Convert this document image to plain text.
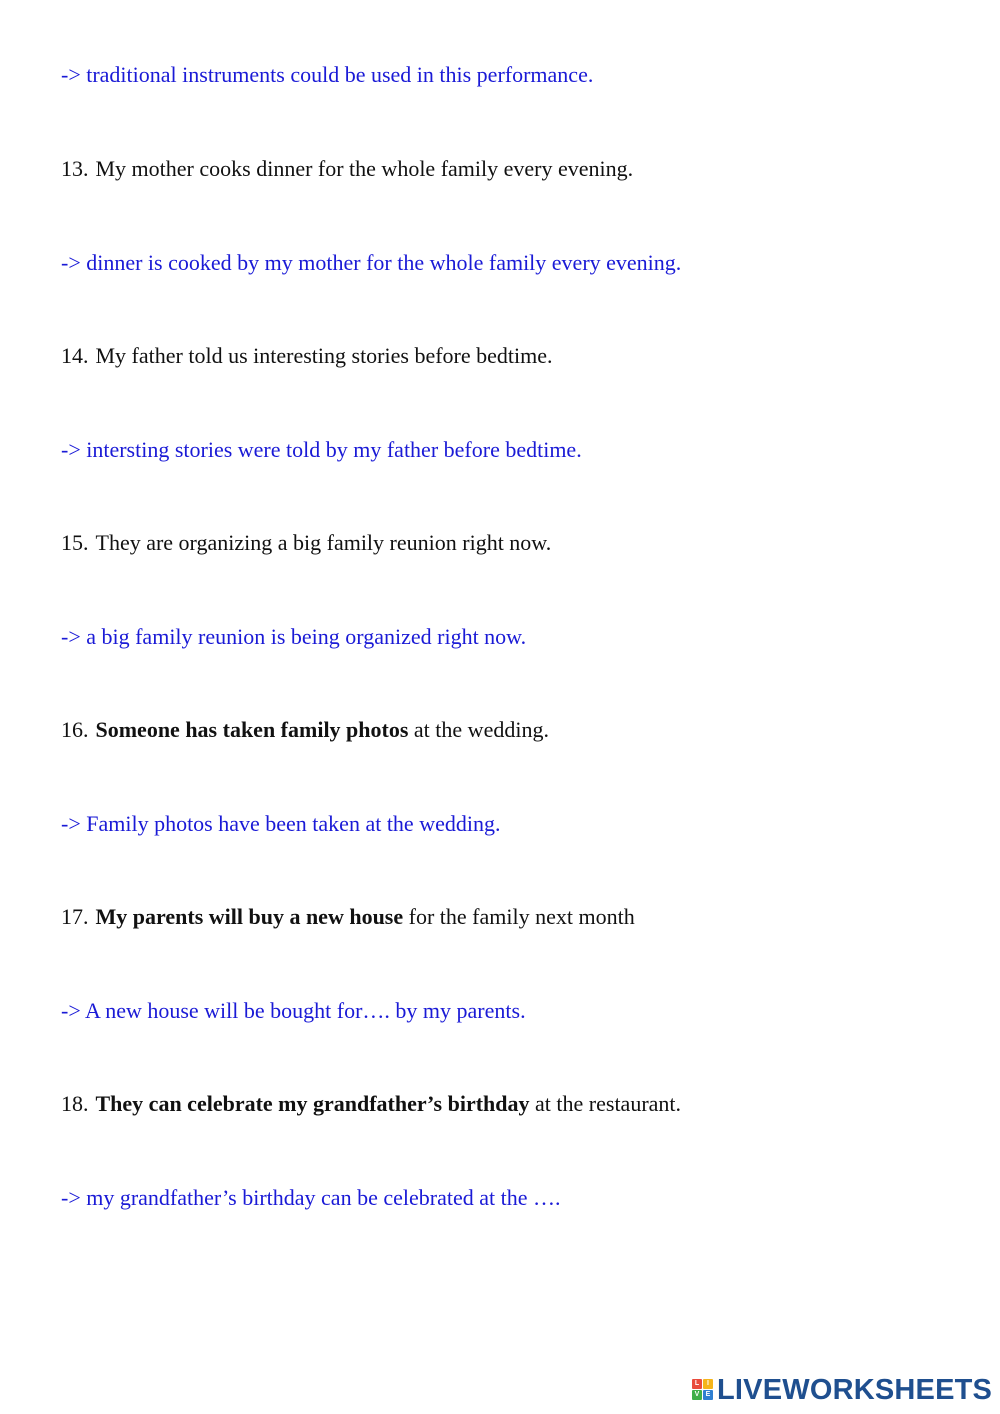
-> traditional instruments could be used in this performance.
13. My mother cooks dinner for the whole family every evening.
-> dinner is cooked by my mother for the whole family every evening.
14. My father told us interesting stories before bedtime.
-> intersting stories were told by my father before bedtime.
15. They are organizing a big family reunion right now.
-> a big family reunion is being organized right now.
16. Someone has taken family photos at the wedding.
-> Family photos have been taken at the wedding.
17. My parents will buy a new house for the family next month
-> A new house will be bought for…. by my parents.
18. They can celebrate my grandfather’s birthday at the restaurant.
-> my grandfather’s birthday can be celebrated at the ….
L	I
V E LIVEWORKSHEETS
